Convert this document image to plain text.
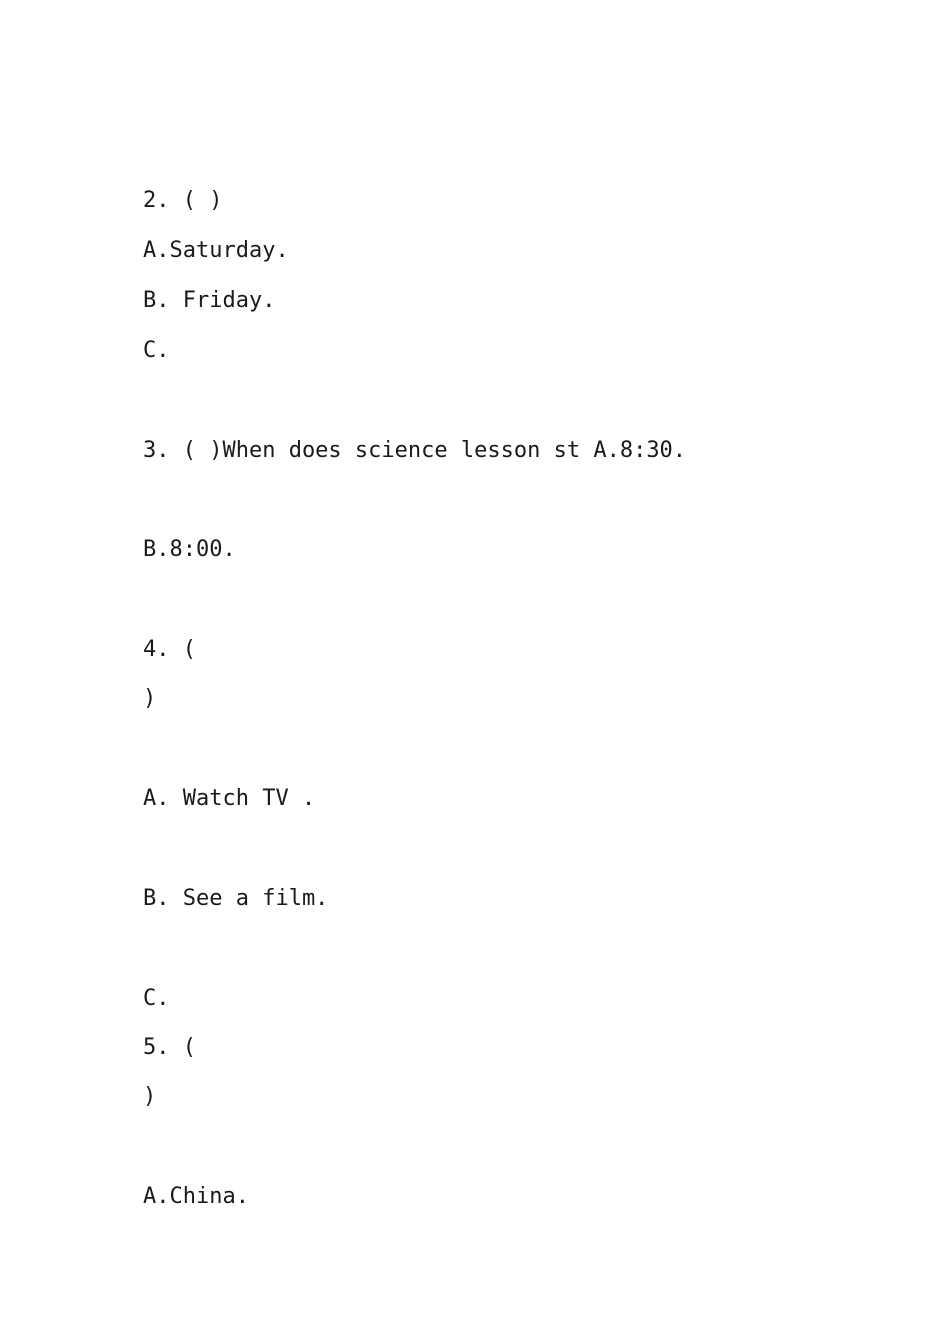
2. ( )
A.Saturday.
B. Friday.
C.
3. ( )When does science lesson st A.8:30.
B.8:00.
4. (
)
A. Watch TV .
B. See a film.
C.
5. (
)
A.China.
